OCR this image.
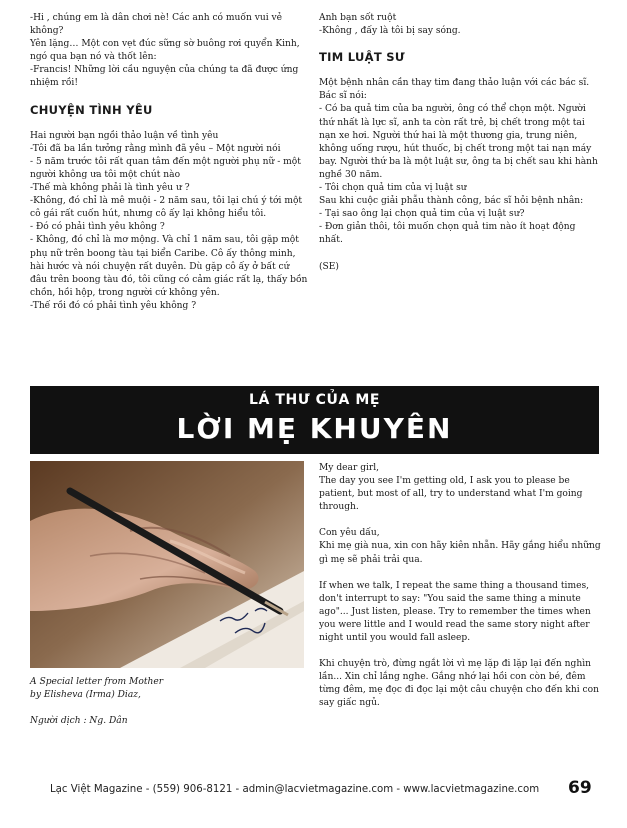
-Hi , chúng em là dân chơi nè! Các anh có muốn vui vẻ không?

Yên lặng… Một con vẹt đúc sững sờ buông rơi quyển Kinh, ngó qua bạn nó và thốt lên:

-Francis! Những lời cầu nguyện của chúng ta đã được ứng nhiệm rồi!

CHUYỆN TÌNH YÊU

Hai người bạn ngồi thảo luận về tình yêu

-Tôi đã ba lần tưởng rằng mình đã yêu – Một người nói

- 5 năm trước tôi rất quan tâm đến một người phụ nữ - một người không ưa tôi một chút nào

-Thế mà không phải là tình yêu ư ?

-Không, đó chỉ là mê muội - 2 năm sau, tôi lại chú ý tới một cô gái rất cuốn hút, nhưng cô ấy lại không hiểu tôi.

- Đó có phải tình yêu không ?

- Không, đó chỉ là mơ mộng. Và chỉ 1 năm sau, tôi gặp một phụ nữ trên boong tàu tại biển Caribe. Cô ấy thông minh, hài hước và nói chuyện rất duyên. Dù gặp cô ấy ở bất cứ đâu trên boong tàu đó, tôi cũng có cảm giác rất lạ, thấy bồn chồn, hồi hộp, trong người cứ không yên.

-Thế rồi đó có phải tình yêu không ?

Anh bạn sốt ruột

-Không , đấy là tôi bị say sóng.

TIM LUẬT SƯ

Một bệnh nhân cần thay tim đang thảo luận với các bác sĩ. Bác sĩ nói:

- Có ba quả tim của ba người, ông có thể chọn một. Người thứ nhất là lực sĩ, anh ta còn rất trẻ, bị chết trong một tai nạn xe hơi. Người thứ hai là một thương gia, trung niên, không uống rượu, hút thuốc, bị chết trong một tai nạn máy bay. Người thứ ba là một luật sư, ông ta bị chết sau khi hành nghề 30 năm.

- Tôi chọn quả tim của vị luật sư

Sau khi cuộc giải phẫu thành công, bác sĩ hỏi bệnh nhân:

- Tại sao ông lại chọn quả tim của vị luật sư?

- Đơn giản thôi, tôi muốn chọn quả tim nào ít hoạt động nhất.

(SE)

LÁ THƯ CỦA MẸ
LỜI MẸ KHUYÊN

A Special letter from Mother

by Elisheva (Irma) Diaz,

Người dịch : Ng. Dân

My dear girl,
The day you see I'm getting old, I ask you to please be patient, but most of all, try to understand what I'm going through.

Con yêu dấu,
Khi mẹ già nua, xin con hãy kiên nhẫn. Hãy gắng hiểu những gì mẹ sẽ phải trải qua.

If when we talk, I repeat the same thing a thousand times, don't interrupt to say: "You said the same thing a minute ago"... Just listen, please. Try to remember the times when you were little and I would read the same story night after night until you would fall asleep.

Khi chuyện trò, đừng ngắt lời vì mẹ lặp đi lặp lại đến nghìn lần... Xin chỉ lắng nghe. Gắng nhớ lại hồi con còn bé, đêm từng đêm, mẹ đọc đi đọc lại một câu chuyện cho đến khi con say giấc ngủ.

Lạc Việt Magazine - (559) 906-8121 - admin@lacvietmagazine.com - www.lacvietmagazine.com 69
